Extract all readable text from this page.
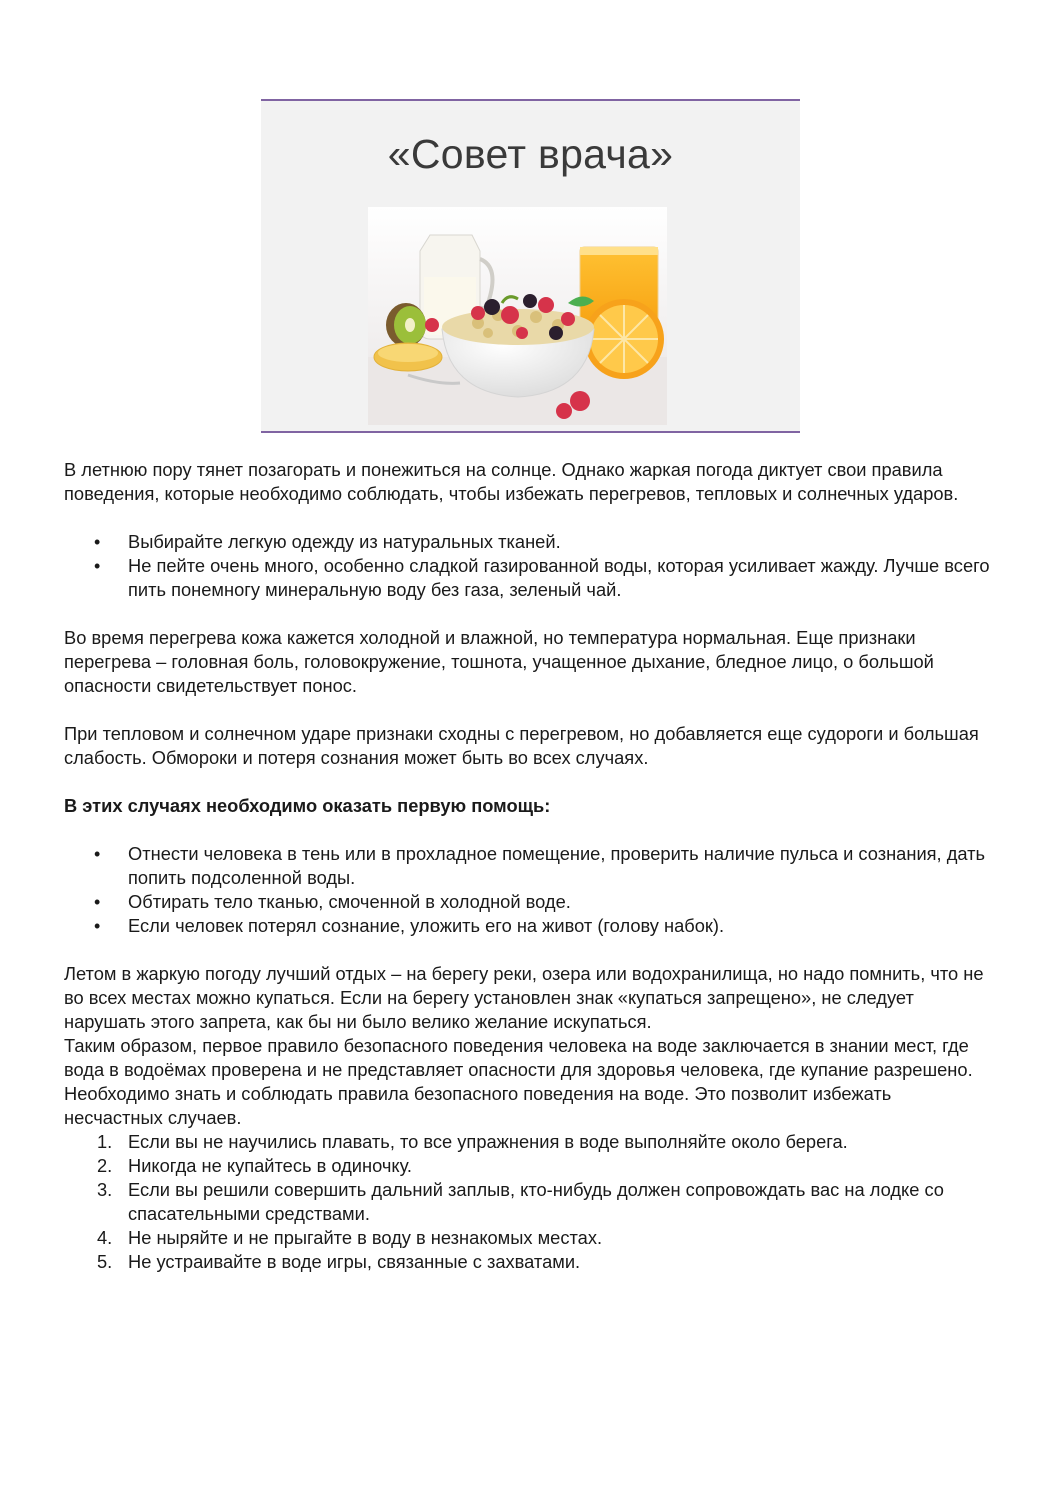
«Совет врача»

В летнюю пору тянет позагорать и понежиться на солнце. Однако жаркая погода диктует свои правила поведения, которые необходимо соблюдать, чтобы избежать перегревов, тепловых и солнечных ударов.

• Выбирайте легкую одежду из натуральных тканей.
• Не пейте очень много, особенно сладкой газированной воды, которая усиливает жажду. Лучше всего пить понемногу минеральную воду без газа, зеленый чай.

Во время перегрева кожа кажется холодной и влажной, но температура нормальная. Еще признаки перегрева – головная боль, головокружение, тошнота, учащенное дыхание, бледное лицо, о большой опасности свидетельствует понос.

При тепловом и солнечном ударе признаки сходны с перегревом, но добавляется еще судороги и большая слабость. Обмороки и потеря сознания может быть во всех случаях.

В этих случаях необходимо оказать первую помощь:

• Отнести человека в тень или в прохладное помещение, проверить наличие пульса и сознания, дать попить подсоленной воды.
• Обтирать тело тканью, смоченной в холодной воде.
• Если человек потерял сознание, уложить его на живот (голову набок).

Летом в жаркую погоду лучший отдых – на берегу реки, озера или водохранилища, но надо помнить, что не во всех местах можно купаться. Если на берегу установлен знак «купаться запрещено», не следует нарушать этого запрета, как бы ни было велико желание искупаться.

Таким образом, первое правило безопасного поведения человека на воде заключается в знании мест, где вода в водоёмах проверена и не представляет опасности для здоровья человека, где купание разрешено.

Необходимо знать и соблюдать правила безопасного поведения на воде. Это позволит избежать несчастных случаев.

1. Если вы не научились плавать, то все упражнения в воде выполняйте около берега.
2. Никогда не купайтесь в одиночку.
3. Если вы решили совершить дальний заплыв, кто-нибудь должен сопровождать вас на лодке со спасательными средствами.
4. Не ныряйте и не прыгайте в воду в незнакомых местах.
5. Не устраивайте в воде игры, связанные с захватами.
